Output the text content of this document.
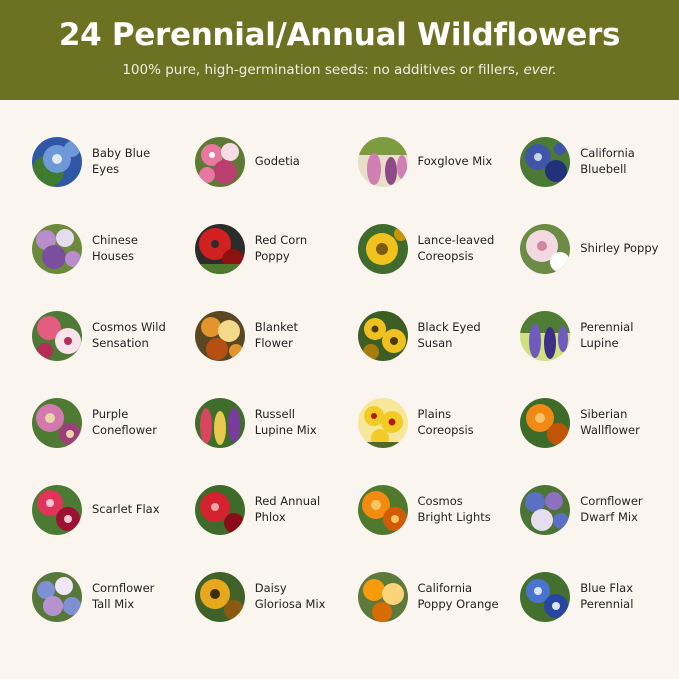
24 Perennial/Annual Wildflowers
100% pure, high-germination seeds: no additives or fillers, ever.
Baby Blue Eyes
Godetia	Foxglove Mix
California Bluebell
Chinese Houses
Red Corn Poppy
Lance-leaved Coreopsis
Shirley Poppy
Cosmos Wild Sensation
Blanket Flower
Black Eyed Susan
Perennial Lupine
Purple Coneflower
Russell Lupine Mix
Plains Coreopsis
Siberian Wallflower
Scarlet Flax
Red Annual Phlox
Cosmos Bright Lights
Cornflower Dwarf Mix
Cornflower Tall Mix
Daisy Gloriosa Mix
California Poppy Orange
Blue Flax Perennial
